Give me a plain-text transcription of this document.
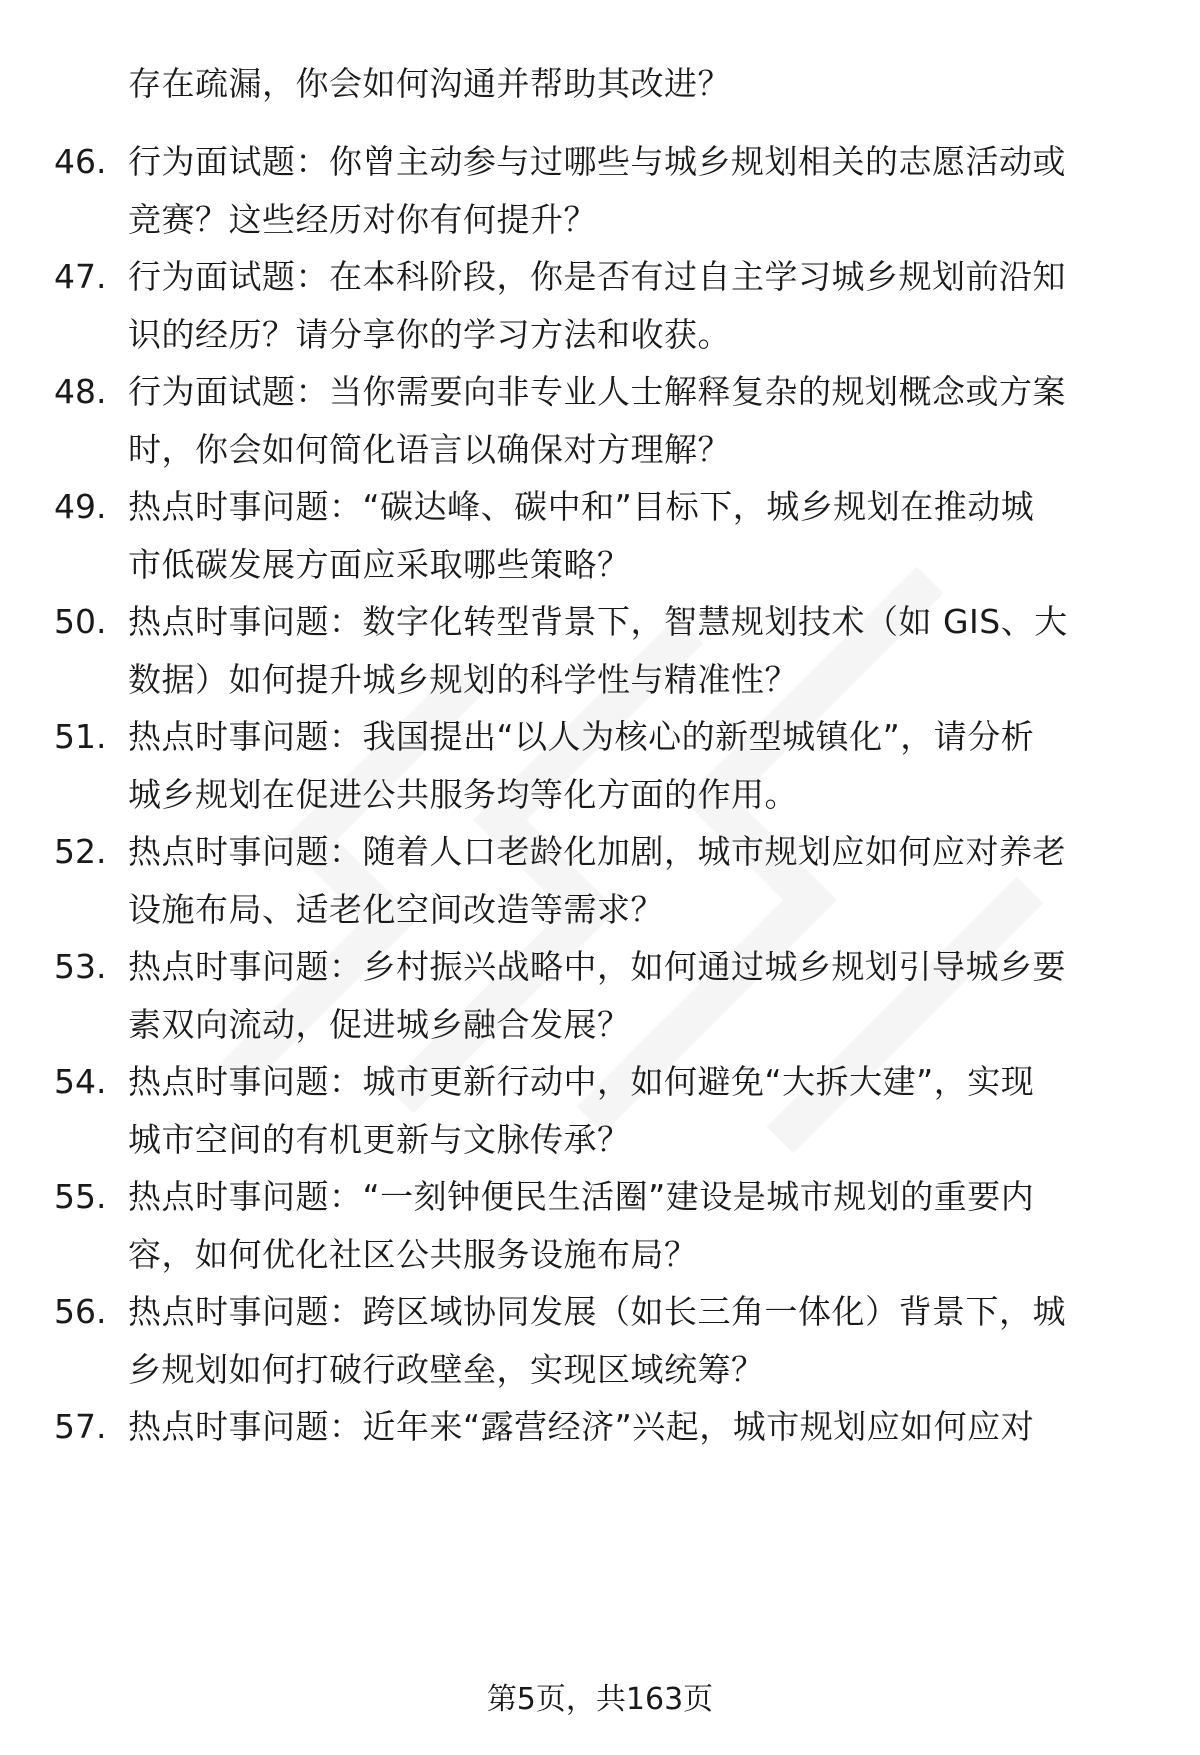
存在疏漏，你会如何沟通并帮助其改进？
46. 行为面试题：你曾主动参与过哪些与城乡规划相关的志愿活动或
竞赛？这些经历对你有何提升？
47. 行为面试题：在本科阶段，你是否有过自主学习城乡规划前沿知
识的经历？请分享你的学习方法和收获。
48. 行为面试题：当你需要向非专业人士解释复杂的规划概念或方案
时，你会如何简化语言以确保对方理解？
49. 热点时事问题：“碳达峰、碳中和”目标下，城乡规划在推动城
市低碳发展方面应采取哪些策略？
50. 热点时事问题：数字化转型背景下，智慧规划技术（如 GIS、大
数据）如何提升城乡规划的科学性与精准性？
51. 热点时事问题：我国提出“以人为核心的新型城镇化”，请分析
城乡规划在促进公共服务均等化方面的作用。
52. 热点时事问题：随着人口老龄化加剧，城市规划应如何应对养老
设施布局、适老化空间改造等需求？
53. 热点时事问题：乡村振兴战略中，如何通过城乡规划引导城乡要
素双向流动，促进城乡融合发展？
54. 热点时事问题：城市更新行动中，如何避免“大拆大建”，实现
城市空间的有机更新与文脉传承？
55. 热点时事问题：“一刻钟便民生活圈”建设是城市规划的重要内
容，如何优化社区公共服务设施布局？
56. 热点时事问题：跨区域协同发展（如长三角一体化）背景下，城
乡规划如何打破行政壁垒，实现区域统筹？
57. 热点时事问题：近年来“露营经济”兴起，城市规划应如何应对
第5页，共163页
